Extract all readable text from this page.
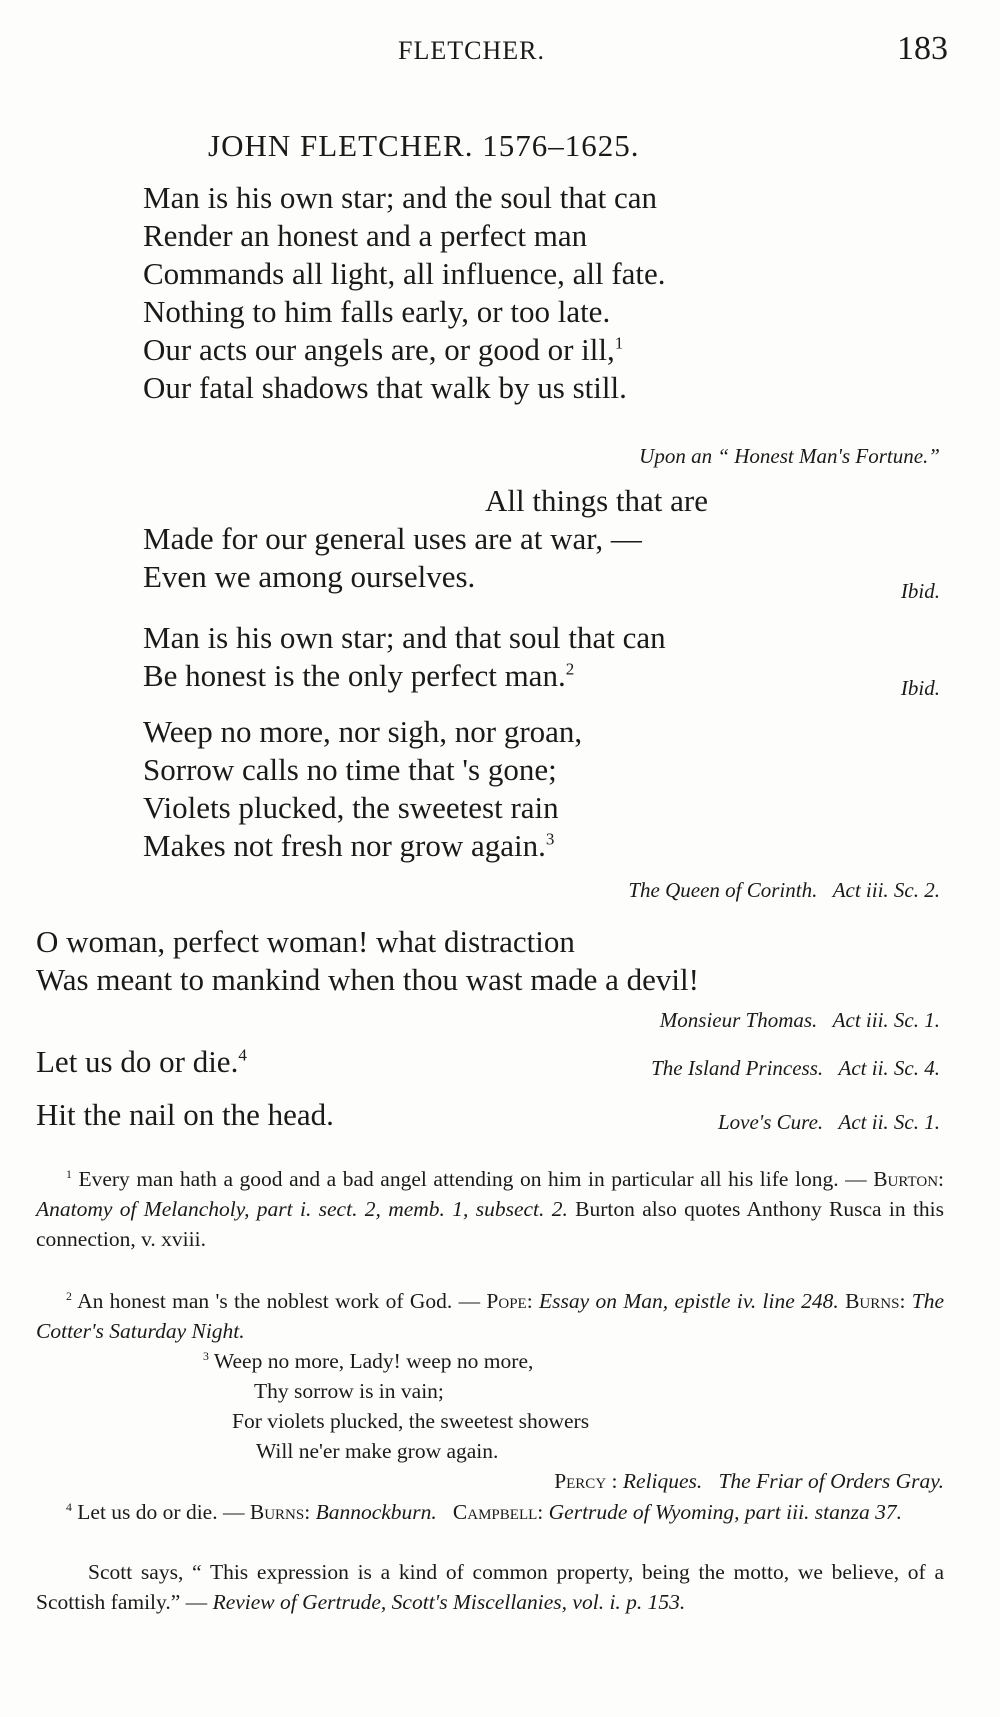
FLETCHER.	183
JOHN FLETCHER. 1576–1625.
Man is his own star; and the soul that can
Render an honest and a perfect man
Commands all light, all influence, all fate.
Nothing to him falls early, or too late.
Our acts our angels are, or good or ill,$^1$
Our fatal shadows that walk by us still.
Upon an “ Honest Man's Fortune.”
All things that are
Made for our general uses are at war, —
Even we among ourselves.	Ibid.
Man is his own star; and that soul that can
Be honest is the only perfect man.$^2$
Ibid.
Weep no more, nor sigh, nor groan,
Sorrow calls no time that 's gone;
Violets plucked, the sweetest rain
Makes not fresh nor grow again.$^3$
The Queen of Corinth.   Act iii. Sc. 2.
O woman, perfect woman! what distraction
Was meant to mankind when thou wast made a devil!
Monsieur Thomas.   Act iii. Sc. 1.
Let us do or die.$^4$
The Island Princess.   Act ii. Sc. 4.
Hit the nail on the head.	Love's Cure.   Act ii. Sc. 1.
$^1$ Every man hath a good and a bad angel attending on him in particular all his life long. — Burton: Anatomy of Melancholy, part i. sect. 2, memb. 1, subsect. 2. Burton also quotes Anthony Rusca in this connection, v. xviii.
$^2$ An honest man 's the noblest work of God. — Pope: Essay on Man, epistle iv. line 248. Burns: The Cotter's Saturday Night.
$^3$ Weep no more, Lady! weep no more,
Thy sorrow is in vain;
For violets plucked, the sweetest showers
Will ne'er make grow again.
Percy : Reliques. The Friar of Orders Gray.
$^4$ Let us do or die. — Burns: Bannockburn. Campbell: Gertrude of Wyoming, part iii. stanza 37.
Scott says, “ This expression is a kind of common property, being the motto, we believe, of a Scottish family.” — Review of Gertrude, Scott's Miscellanies, vol. i. p. 153.
